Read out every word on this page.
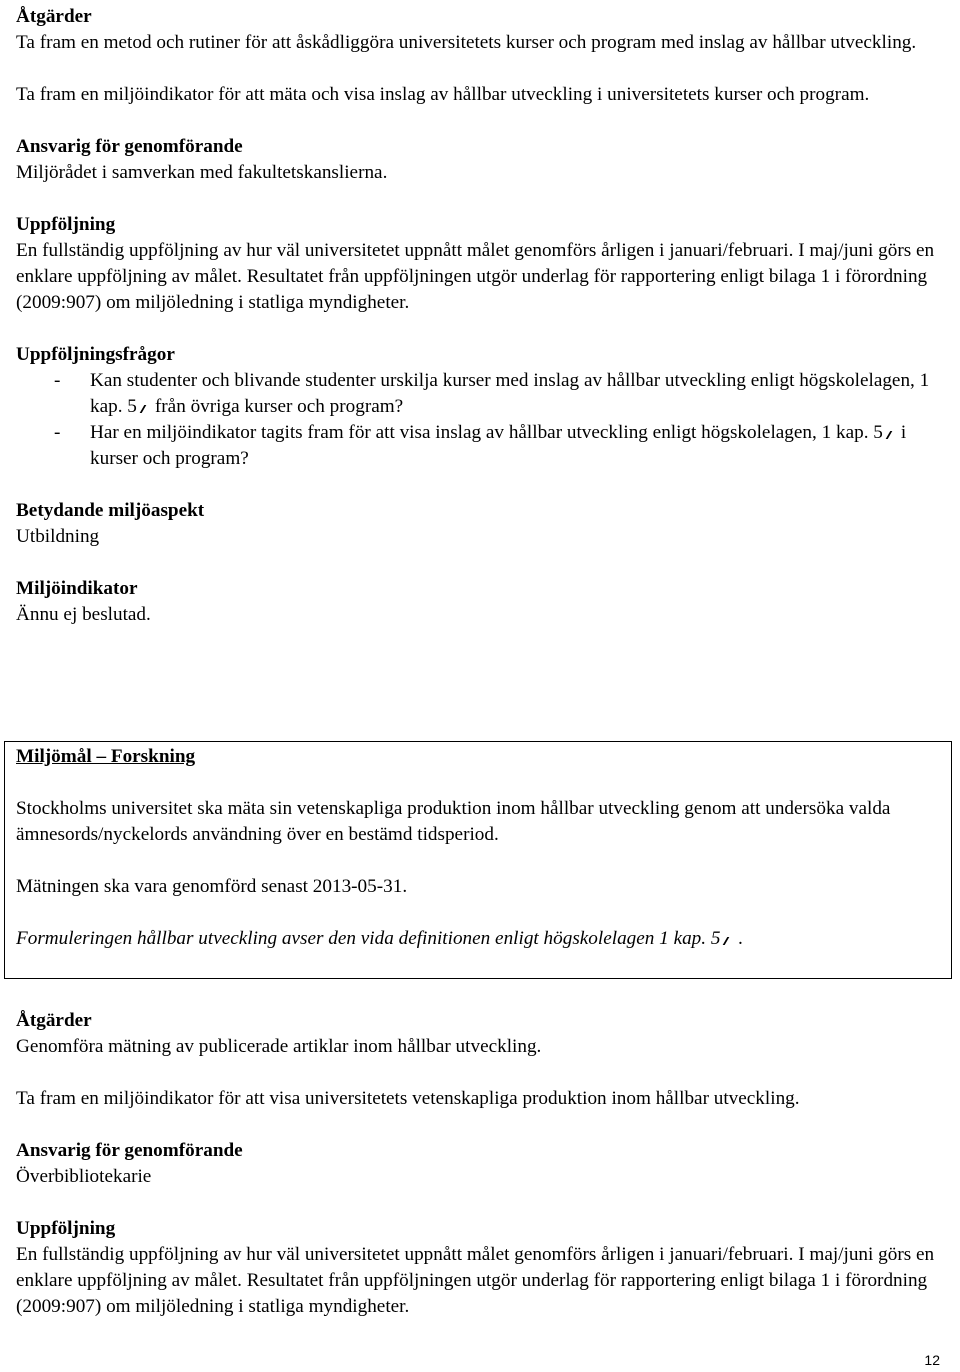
Åtgärder

Ta fram en metod och rutiner för att åskådliggöra universitetets kurser och program med inslag av hållbar utveckling.

Ta fram en miljöindikator för att mäta och visa inslag av hållbar utveckling i universitetets kurser och program.

Ansvarig för genomförande

Miljörådet i samverkan med fakultetskanslierna.

Uppföljning

En fullständig uppföljning av hur väl universitetet uppnått målet genomförs årligen i januari/februari. I maj/juni görs en enklare uppföljning av målet. Resultatet från uppföljningen utgör underlag för rapportering enligt bilaga 1 i förordning (2009:907) om miljöledning i statliga myndigheter.

Uppföljningsfrågor
- Kan studenter och blivande studenter urskilja kurser med inslag av hållbar utveckling enligt högskolelagen, 1 kap. 5 från övriga kurser och program?
- Har en miljöindikator tagits fram för att visa inslag av hållbar utveckling enligt högskolelagen, 1 kap. 5 i kurser och program?
Betydande miljöaspekt

Utbildning

Miljöindikator

Ännu ej beslutad.

Miljömål – Forskning

Stockholms universitet ska mäta sin vetenskapliga produktion inom hållbar utveckling genom att undersöka valda ämnesords/nyckelords användning över en bestämd tidsperiod.

Mätningen ska vara genomförd senast 2013-05-31.

Formuleringen hållbar utveckling avser den vida definitionen enligt högskolelagen 1 kap. 5 .

Åtgärder

Genomföra mätning av publicerade artiklar inom hållbar utveckling.

Ta fram en miljöindikator för att visa universitetets vetenskapliga produktion inom hållbar utveckling.

Ansvarig för genomförande

Överbibliotekarie

Uppföljning

En fullständig uppföljning av hur väl universitetet uppnått målet genomförs årligen i januari/februari. I maj/juni görs en enklare uppföljning av målet. Resultatet från uppföljningen utgör underlag för rapportering enligt bilaga 1 i förordning (2009:907) om miljöledning i statliga myndigheter.

12
